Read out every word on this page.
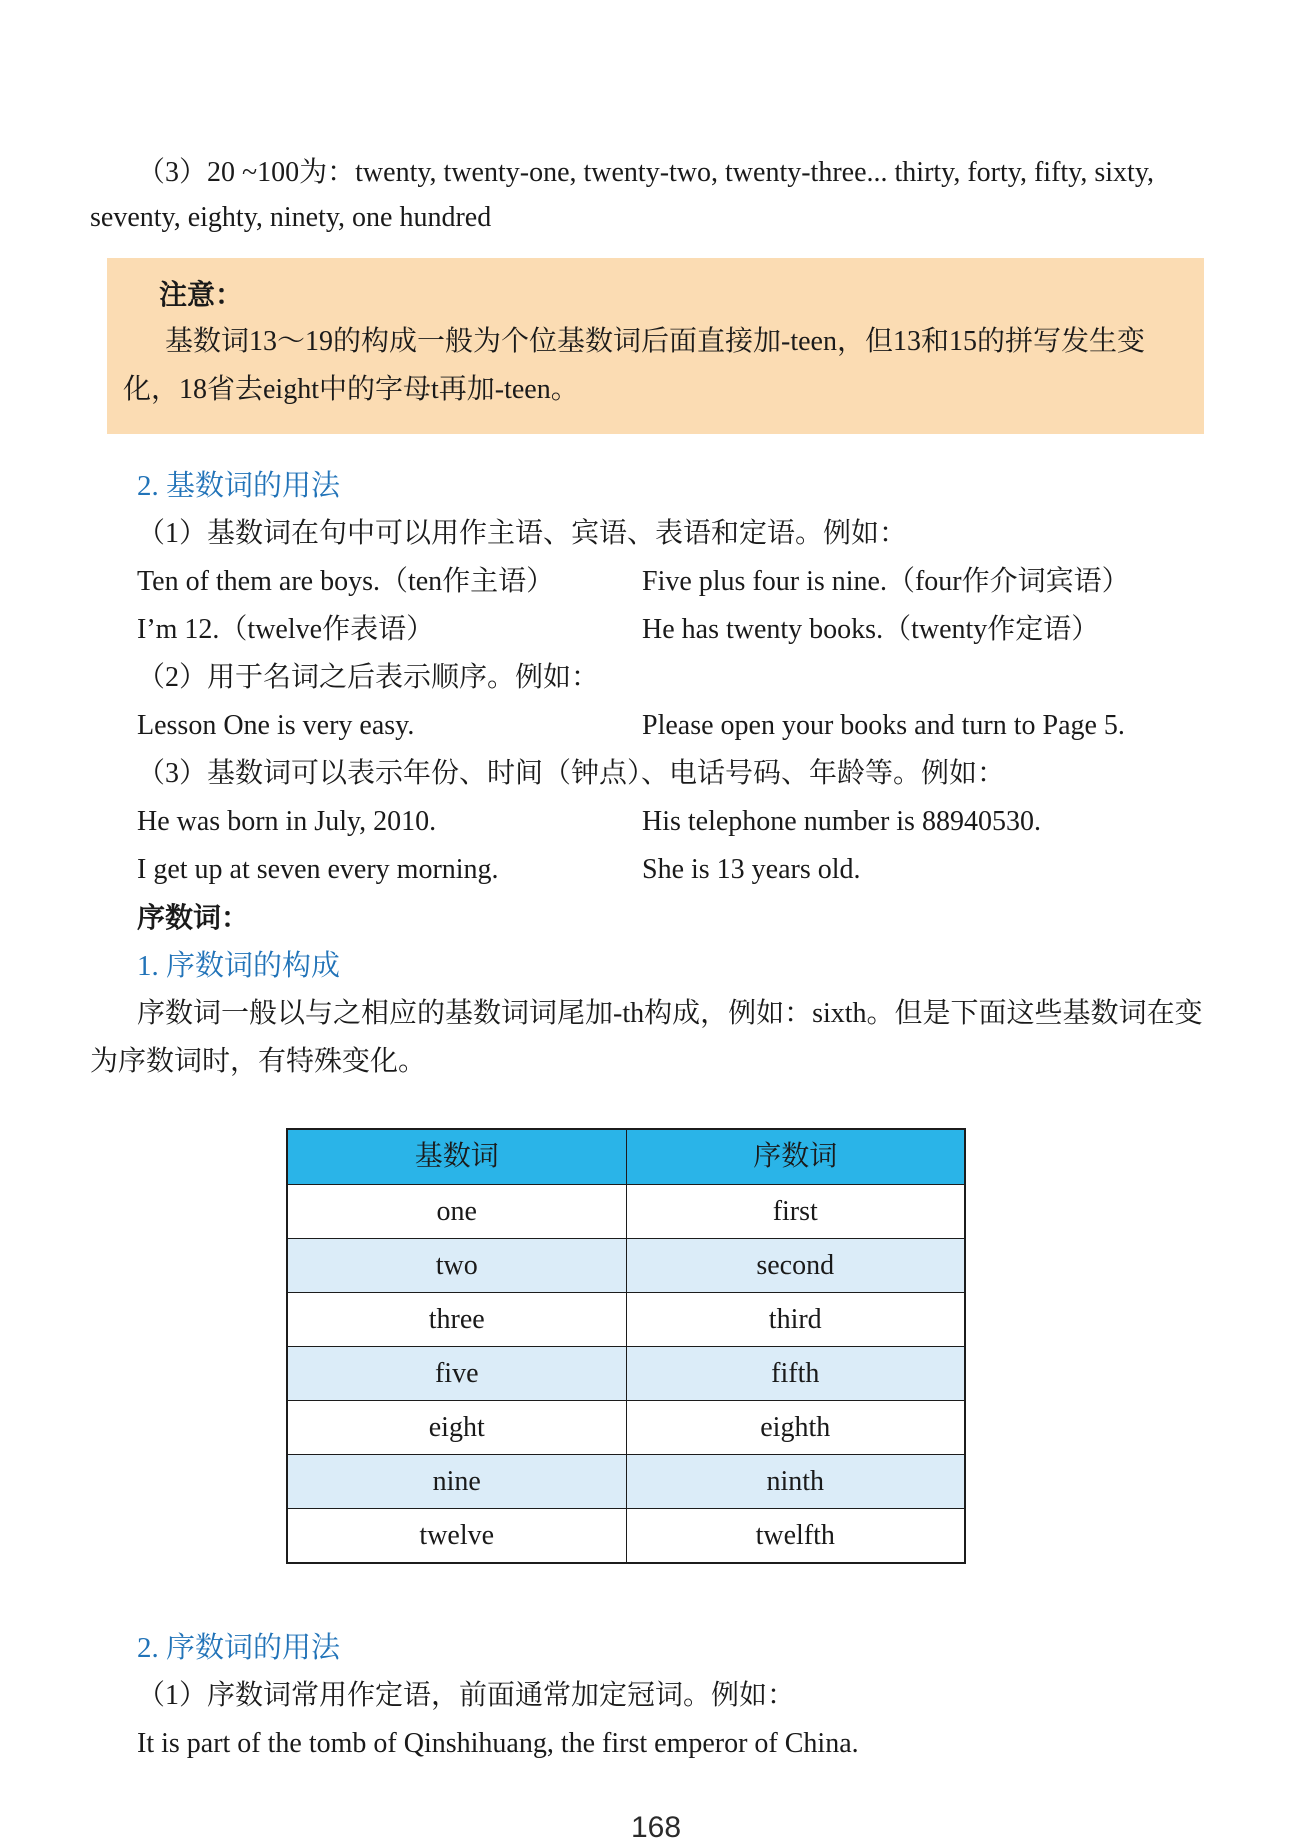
（3）20 ~100为：twenty, twenty-one, twenty-two, twenty-three... thirty, forty, fifty, sixty, seventy, eighty, ninety, one hundred

注意：

基数词13～19的构成一般为个位基数词后面直接加-teen，但13和15的拼写发生变化，18省去eight中的字母t再加-teen。

2. 基数词的用法

（1）基数词在句中可以用作主语、宾语、表语和定语。例如：

Ten of them are boys.（ten作主语）	Five plus four is nine.（four作介词宾语）
I’m 12.（twelve作表语）	He has twenty books.（twenty作定语）

（2）用于名词之后表示顺序。例如：

Lesson One is very easy.	Please open your books and turn to Page 5.

（3）基数词可以表示年份、时间（钟点）、电话号码、年龄等。例如：

He was born in July, 2010.	His telephone number is 88940530.
I get up at seven every morning.	She is 13 years old.
序数词：
1. 序数词的构成

序数词一般以与之相应的基数词词尾加-th构成，例如：sixth。但是下面这些基数词在变为序数词时，有特殊变化。

基数词	序数词
one	first
two	second
three	third
five	fifth
eight	eighth
nine	ninth
twelve	twelfth
2. 序数词的用法

（1）序数词常用作定语，前面通常加定冠词。例如：

It is part of the tomb of Qinshihuang, the first emperor of China.

168
